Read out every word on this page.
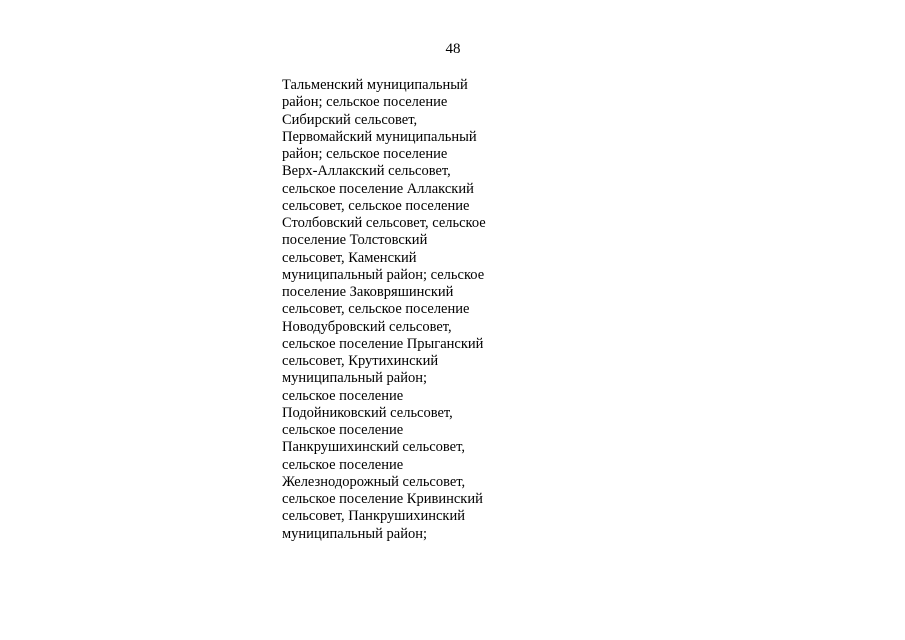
48
Тальменский муниципальный
район; сельское поселение
Сибирский сельсовет,
Первомайский муниципальный
район; сельское поселение
Верх-Аллакский сельсовет,
сельское поселение Аллакский
сельсовет, сельское поселение
Столбовский сельсовет, сельское
поселение Толстовский
сельсовет, Каменский
муниципальный район; сельское
поселение Заковряшинский
сельсовет, сельское поселение
Новодубровский сельсовет,
сельское поселение Прыганский
сельсовет, Крутихинский
муниципальный район;
сельское поселение
Подойниковский сельсовет,
сельское поселение
Панкрушихинский сельсовет,
сельское поселение
Железнодорожный сельсовет,
сельское поселение Кривинский
сельсовет, Панкрушихинский
муниципальный район;
